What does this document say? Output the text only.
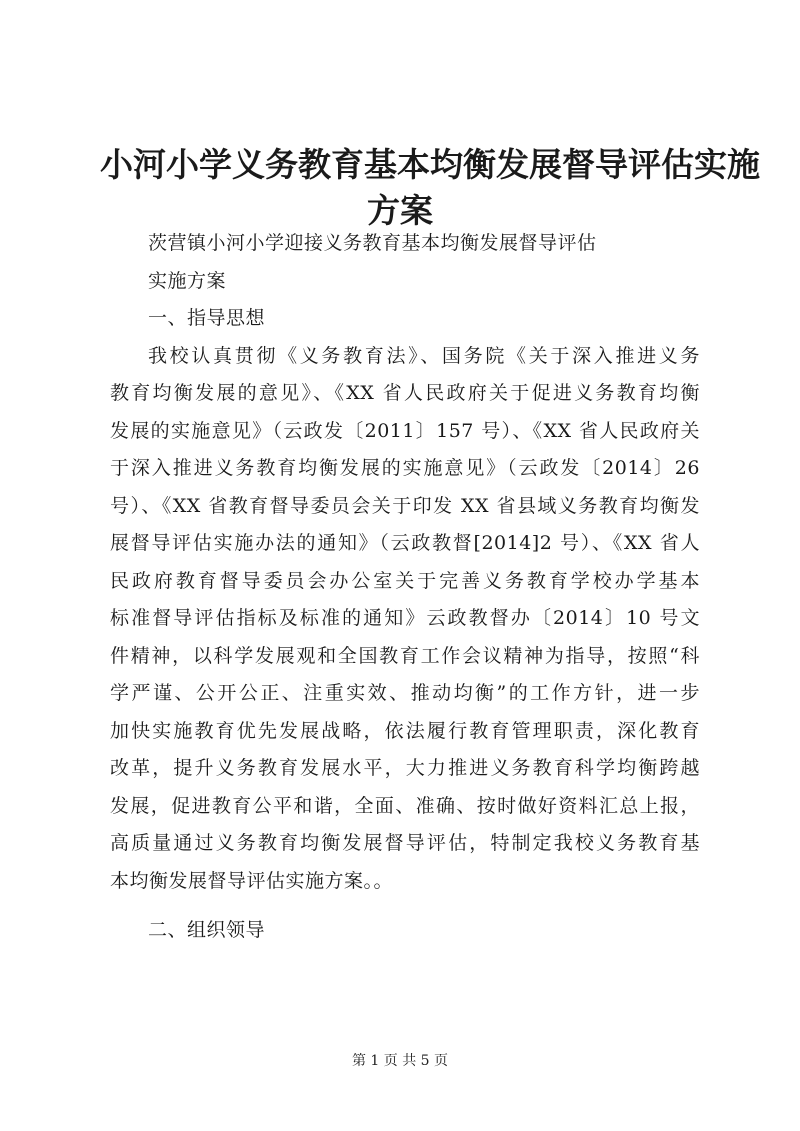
小河小学义务教育基本均衡发展督导评估实施
方案
茨营镇小河小学迎接义务教育基本均衡发展督导评估
实施方案
一、指导思想
我校认真贯彻《义务教育法》、国务院《关于深入推进义务
教育均衡发展的意见》、《XX 省人民政府关于促进义务教育均衡
发展的实施意见》（云政发〔2011〕157 号）、《XX 省人民政府关
于深入推进义务教育均衡发展的实施意见》（云政发〔2014〕26
号）、《XX 省教育督导委员会关于印发 XX 省县域义务教育均衡发
展督导评估实施办法的通知》（云政教督[2014]2 号）、《XX 省人
民政府教育督导委员会办公室关于完善义务教育学校办学基本
标准督导评估指标及标准的通知》云政教督办〔2014〕10 号文
件精神，以科学发展观和全国教育工作会议精神为指导，按照“科
学严谨、公开公正、注重实效、推动均衡”的工作方针，进一步
加快实施教育优先发展战略，依法履行教育管理职责，深化教育
改革，提升义务教育发展水平，大力推进义务教育科学均衡跨越
发展，促进教育公平和谐，全面、准确、按时做好资料汇总上报，
高质量通过义务教育均衡发展督导评估，特制定我校义务教育基
本均衡发展督导评估实施方案。。
二、组织领导
第 1 页 共 5 页
